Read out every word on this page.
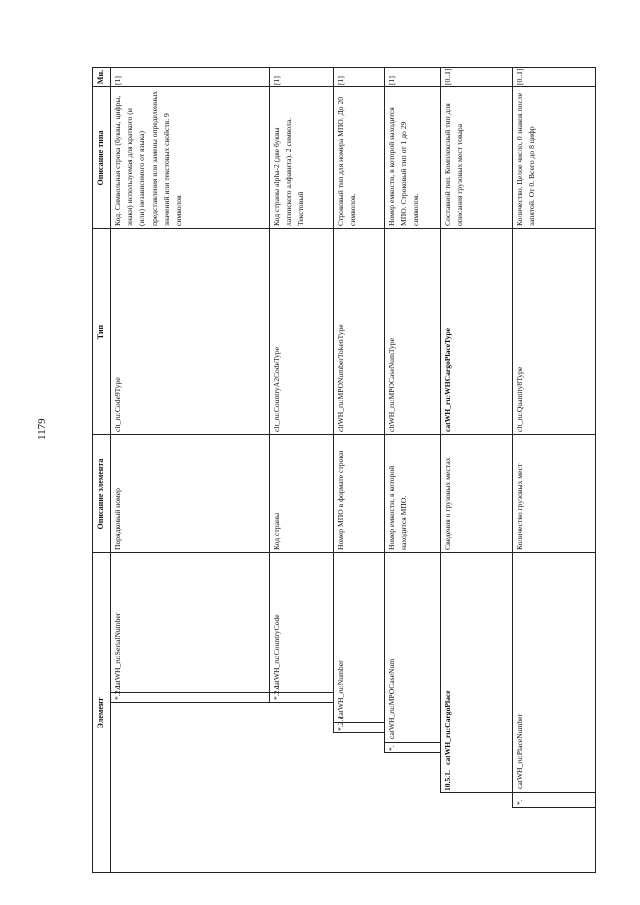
1179
Элемент
Описание элемента
Тип
Описание типа
Мн.
*.2.1
catWH_ru:SerialNumber
Порядковый номер
clt_ru:Code9Type
Код. Символьная строка (буквы, цифры, знаки) используемая для краткого (и (или) независимого от языка) представления или замены определенных значений или текстовых свойств. 9 символов
[1]
*.2.1
catWH_ru:CountryCode
Код страны
clt_ru:CountryA2CodeType
Код страны alpha-2 (две буквы латинского алфавита). 2 символа. Текстовый
[1]
*.2.1
catWH_ru:Number
Номер МПО в формате строки
cltWH_ru:MPONumberTokenType
Строковый тип для номера МПО. До 20 символов.
[1]
*.
catWH_ru:MPOCaseNum
Номер емкости, в которой находится МПО.
cltWH_ru:MPOCaseNumType
Номер емкости, в которой находится МПО. Строковый тип от 1 до 29 символов.
[1]
10.5.1.
catWH_ru:CargoPlace
Сведения о грузовых местах
catWH_ru:WHCargoPlaceType
Составной тип. Комплексный тип для описания грузовых мест товара
[0..1]
*.
catWH_ru:PlaceNumber
Количество грузовых мест
clt_ru:Quantity8Type
Количество. Целое число, 0 знаков после запятой. От 0. Всего до 8 цифр
[0..1]
